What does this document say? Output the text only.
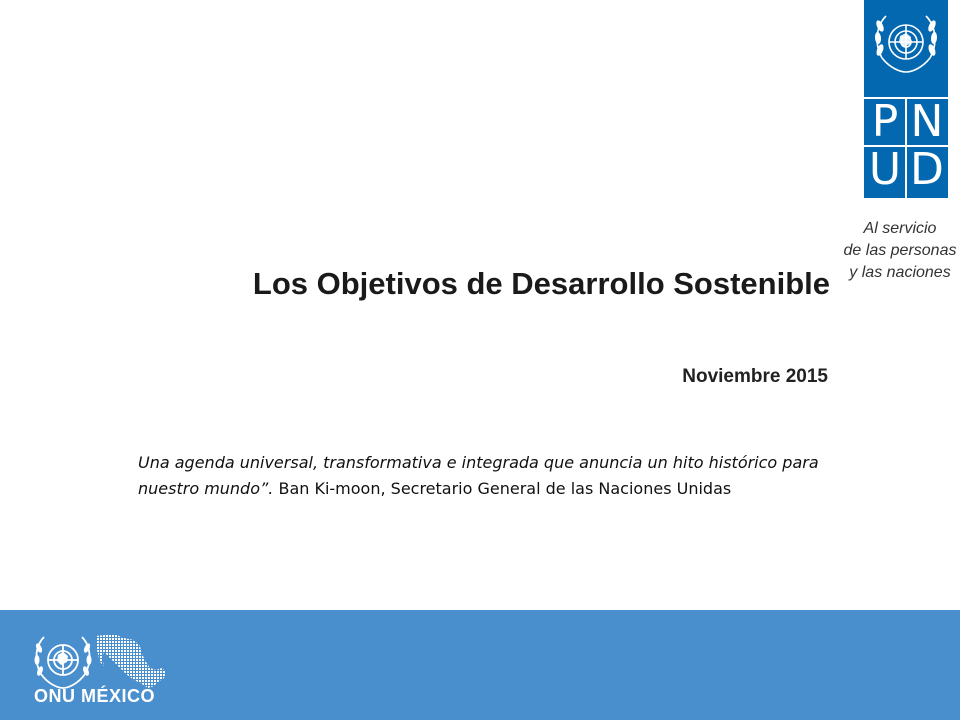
P N
U D
Al servicio
de las personas
y las naciones
Los Objetivos de Desarrollo Sostenible
Noviembre 2015
Una agenda universal, transformativa e integrada que anuncia un hito histórico para nuestro mundo”. Ban Ki-moon, Secretario General de las Naciones Unidas
ONU MÉXICO
